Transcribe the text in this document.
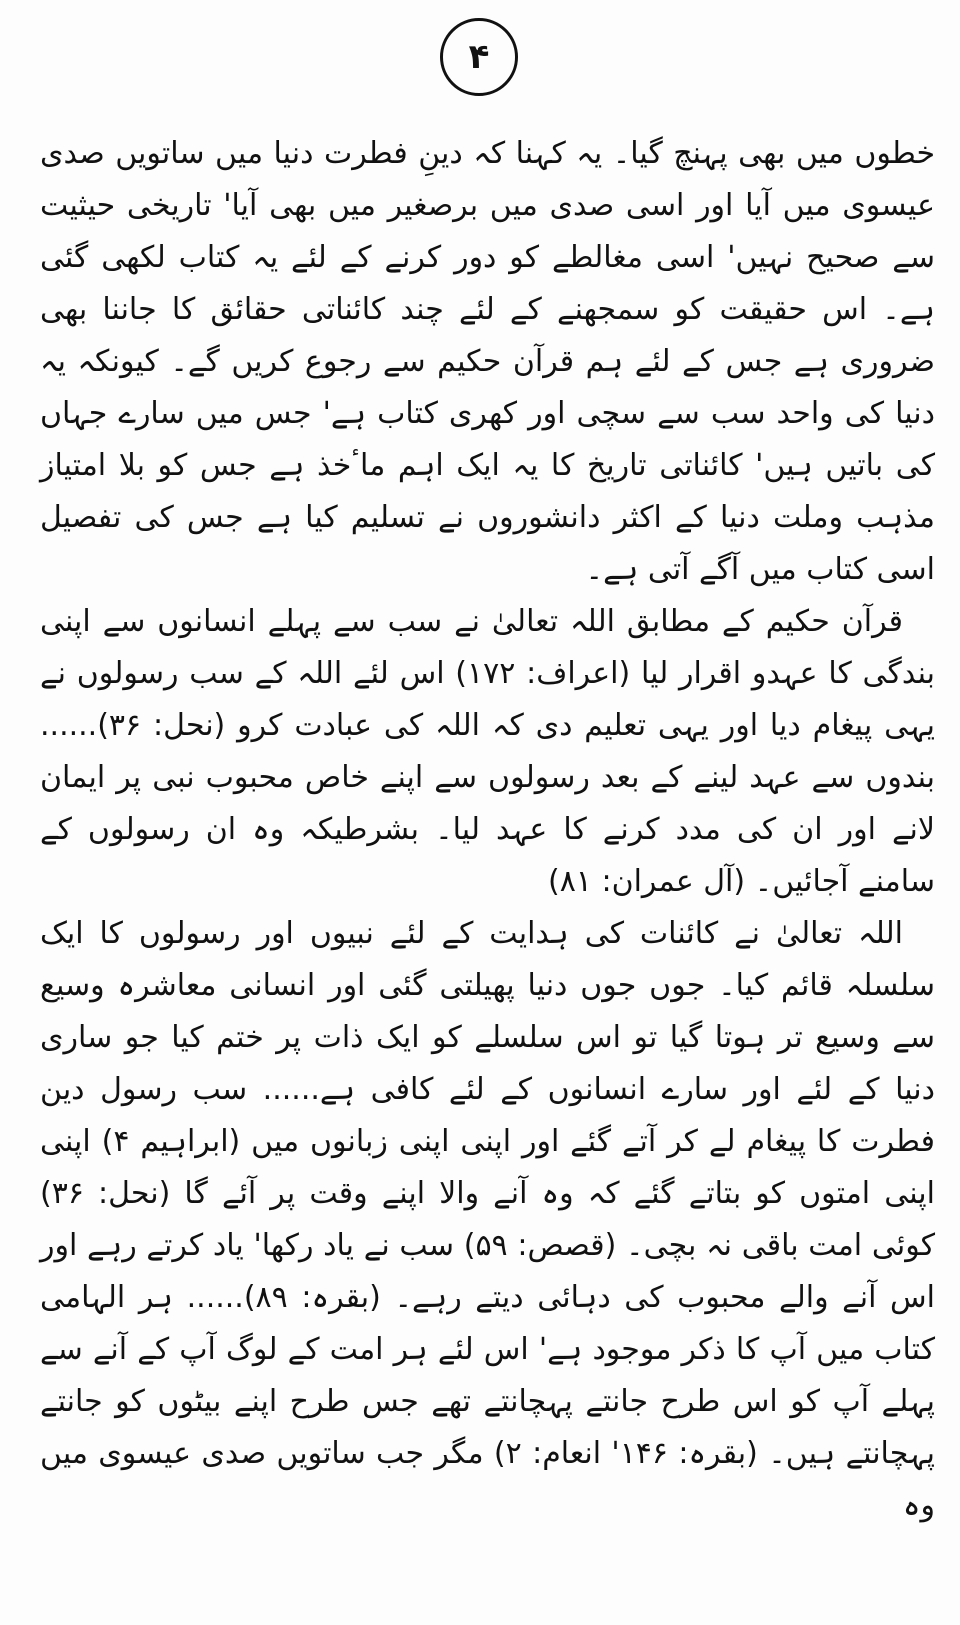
۴

خطوں میں بھی پہنچ گیا۔ یہ کہنا کہ دینِ فطرت دنیا میں ساتویں صدی عیسوی میں آیا اور اسی صدی میں برصغیر میں بھی آیا' تاریخی حیثیت سے صحیح نہیں' اسی مغالطے کو دور کرنے کے لئے یہ کتاب لکھی گئی ہے۔ اس حقیقت کو سمجھنے کے لئے چند کائناتی حقائق کا جاننا بھی ضروری ہے جس کے لئے ہم قرآن حکیم سے رجوع کریں گے۔ کیونکہ یہ دنیا کی واحد سب سے سچی اور کھری کتاب ہے' جس میں سارے جہاں کی باتیں ہیں' کائناتی تاریخ کا یہ ایک اہم ماٴخذ ہے جس کو بلا امتیاز مذہب وملت دنیا کے اکثر دانشوروں نے تسلیم کیا ہے جس کی تفصیل اسی کتاب میں آگے آتی ہے۔

قرآن حکیم کے مطابق اللہ تعالیٰ نے سب سے پہلے انسانوں سے اپنی بندگی کا عہدو اقرار لیا (اعراف: ۱۷۲) اس لئے اللہ کے سب رسولوں نے یہی پیغام دیا اور یہی تعلیم دی کہ اللہ کی عبادت کرو (نحل: ۳۶)...... بندوں سے عہد لینے کے بعد رسولوں سے اپنے خاص محبوب نبی پر ایمان لانے اور ان کی مدد کرنے کا عہد لیا۔ بشرطیکہ وہ ان رسولوں کے سامنے آجائیں۔ (آل عمران: ۸۱)

اللہ تعالیٰ نے کائنات کی ہدایت کے لئے نبیوں اور رسولوں کا ایک سلسلہ قائم کیا۔ جوں جوں دنیا پھیلتی گئی اور انسانی معاشرہ وسیع سے وسیع تر ہوتا گیا تو اس سلسلے کو ایک ذات پر ختم کیا جو ساری دنیا کے لئے اور سارے انسانوں کے لئے کافی ہے...... سب رسول دین فطرت کا پیغام لے کر آتے گئے اور اپنی اپنی زبانوں میں (ابراہیم ۴) اپنی اپنی امتوں کو بتاتے گئے کہ وہ آنے والا اپنے وقت پر آئے گا (نحل: ۳۶) کوئی امت باقی نہ بچی۔ (قصص: ۵۹) سب نے یاد رکھا' یاد کرتے رہے اور اس آنے والے محبوب کی دہائی دیتے رہے۔ (بقرہ: ۸۹)...... ہر الہامی کتاب میں آپ کا ذکر موجود ہے' اس لئے ہر امت کے لوگ آپ کے آنے سے پہلے آپ کو اس طرح جانتے پہچانتے تھے جس طرح اپنے بیٹوں کو جانتے پہچانتے ہیں۔ (بقرہ: ۱۴۶' انعام: ۲) مگر جب ساتویں صدی عیسوی میں وہ
